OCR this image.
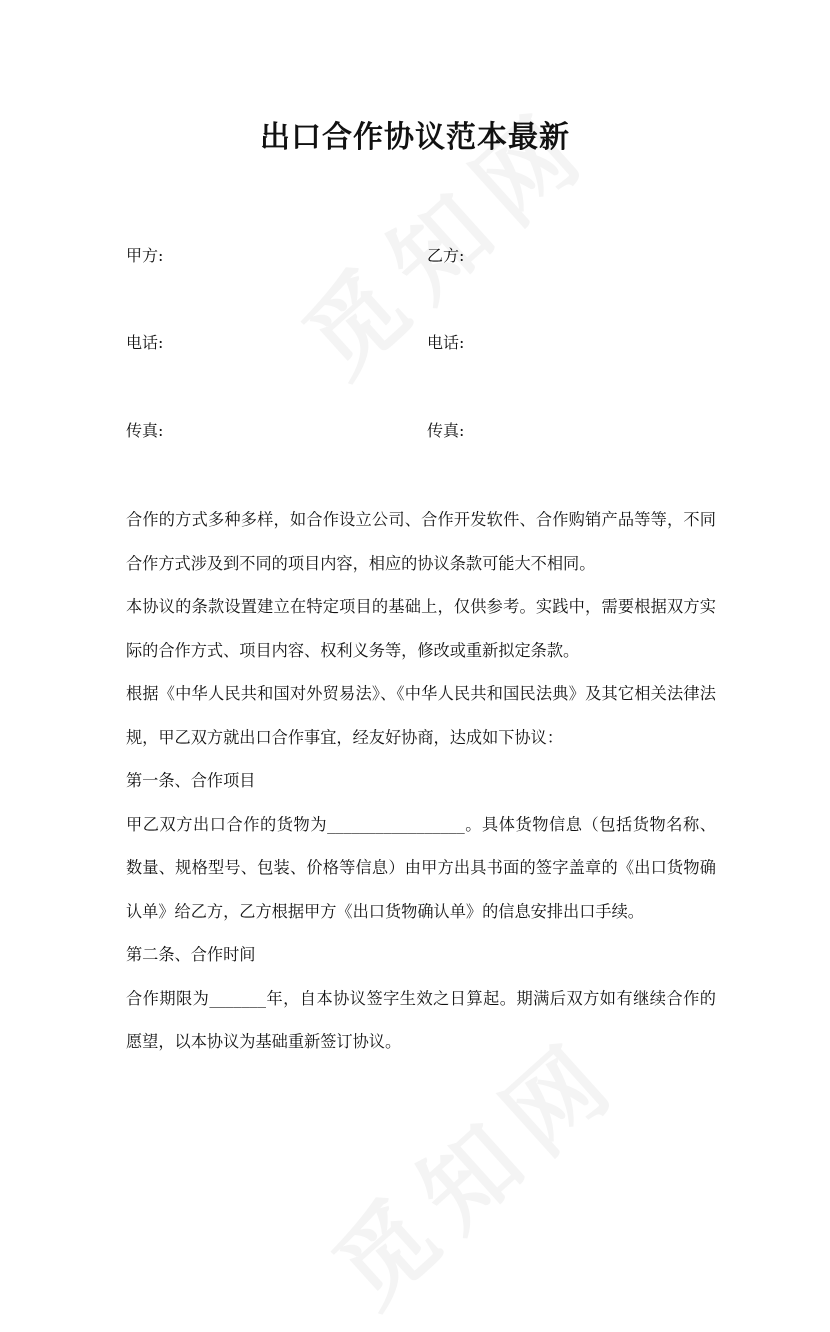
出口合作协议范本最新
甲方:	乙方:
电话:	电话:
传真:	传真:

合作的方式多种多样，如合作设立公司、合作开发软件、合作购销产品等等，不同合作方式涉及到不同的项目内容，相应的协议条款可能大不相同。

本协议的条款设置建立在特定项目的基础上，仅供参考。实践中，需要根据双方实际的合作方式、项目内容、权利义务等，修改或重新拟定条款。

根据《中华人民共和国对外贸易法》、《中华人民共和国民法典》及其它相关法律法规，甲乙双方就出口合作事宜，经友好协商，达成如下协议：

第一条、合作项目

甲乙双方出口合作的货物为_________________。具体货物信息（包括货物名称、数量、规格型号、包装、价格等信息）由甲方出具书面的签字盖章的《出口货物确认单》给乙方，乙方根据甲方《出口货物确认单》的信息安排出口手续。

第二条、合作时间

合作期限为_______年，自本协议签字生效之日算起。期满后双方如有继续合作的愿望，以本协议为基础重新签订协议。
